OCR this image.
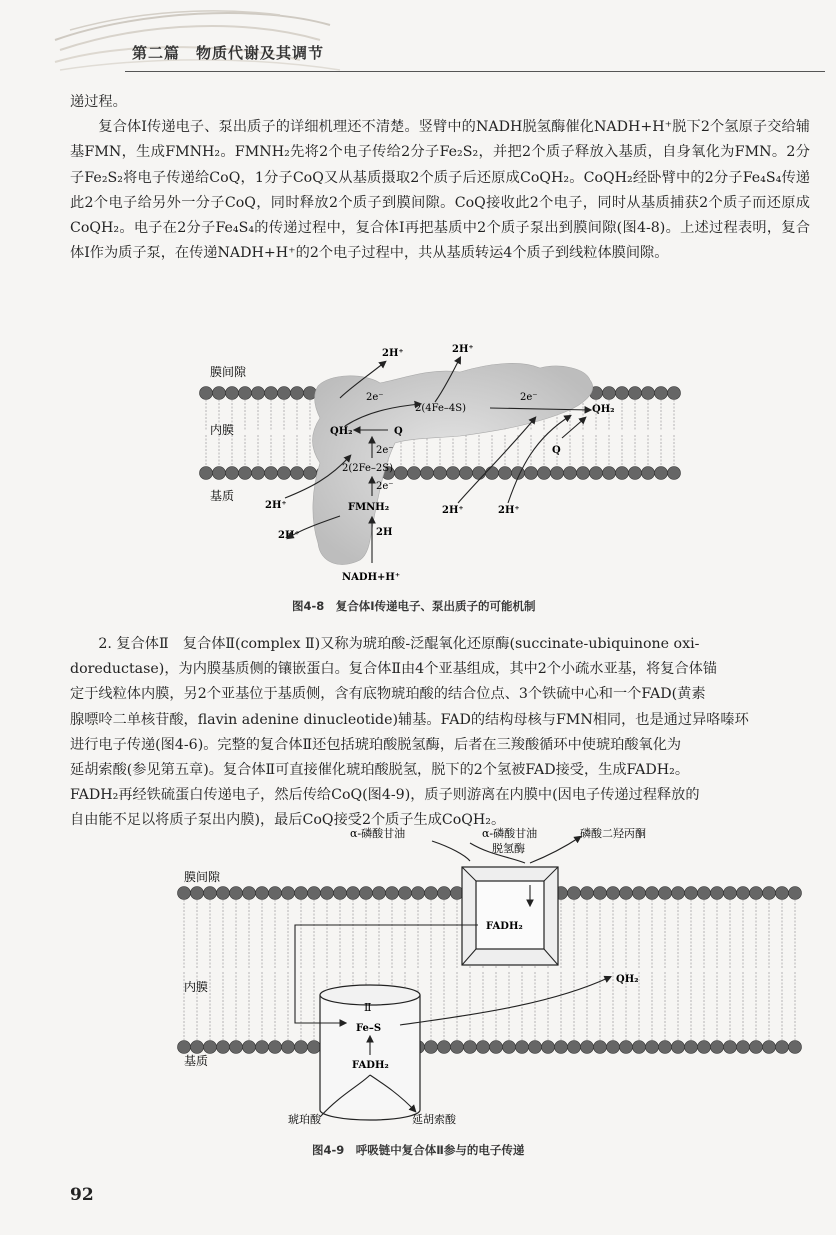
第二篇　物质代谢及其调节

递过程。

复合体Ⅰ传递电子、泵出质子的详细机理还不清楚。竖臂中的NADH脱氢酶催化NADH+H⁺脱下2个氢原子交给辅基FMN，生成FMNH₂。FMNH₂先将2个电子传给2分子Fe₂S₂，并把2个质子释放入基质，自身氧化为FMN。2分子Fe₂S₂将电子传递给CoQ，1分子CoQ又从基质摄取2个质子后还原成CoQH₂。CoQH₂经卧臂中的2分子Fe₄S₄传递此2个电子给另外一分子CoQ，同时释放2个质子到膜间隙。CoQ接收此2个电子，同时从基质捕获2个质子而还原成CoQH₂。电子在2分子Fe₄S₄的传递过程中，复合体Ⅰ再把基质中2个质子泵出到膜间隙(图4-8)。上述过程表明，复合体Ⅰ作为质子泵，在传递NADH+H⁺的2个电子过程中，共从基质转运4个质子到线粒体膜间隙。

膜间隙
内膜
基质
2H⁺	2H⁺
2e⁻
2(4Fe–4S)
2e⁻
QH₂
QH₂	Q
Q
2e⁻
2(2Fe–2S)
2e⁻
FMNH₂
2H⁺
2H⁺
2H⁺	2H⁺
2H
NADH+H⁺
图4-8　复合体Ⅰ传递电子、泵出质子的可能机制

2. 复合体Ⅱ　复合体Ⅱ(complex Ⅱ)又称为琥珀酸-泛醌氧化还原酶(succinate-ubiquinone oxi-

doreductase)，为内膜基质侧的镶嵌蛋白。复合体Ⅱ由4个亚基组成，其中2个小疏水亚基，将复合体锚

定于线粒体内膜，另2个亚基位于基质侧，含有底物琥珀酸的结合位点、3个铁硫中心和一个FAD(黄素

腺嘌呤二单核苷酸，flavin adenine dinucleotide)辅基。FAD的结构母核与FMN相同，也是通过异咯嗪环

进行电子传递(图4-6)。完整的复合体Ⅱ还包括琥珀酸脱氢酶，后者在三羧酸循环中使琥珀酸氧化为

延胡索酸(参见第五章)。复合体Ⅱ可直接催化琥珀酸脱氢，脱下的2个氢被FAD接受，生成FADH₂。

FADH₂再经铁硫蛋白传递电子，然后传给CoQ(图4-9)，质子则游离在内膜中(因电子传递过程释放的

自由能不足以将质子泵出内膜)，最后CoQ接受2个质子生成CoQH₂。

α-磷酸甘油	α-磷酸甘油
脱氢酶
磷酸二羟丙酮
膜间隙
FADH₂
内膜
QH₂
Ⅱ
Fe–S
基质	FADH₂
琥珀酸	延胡索酸
图4-9　呼吸链中复合体Ⅱ参与的电子传递
92
